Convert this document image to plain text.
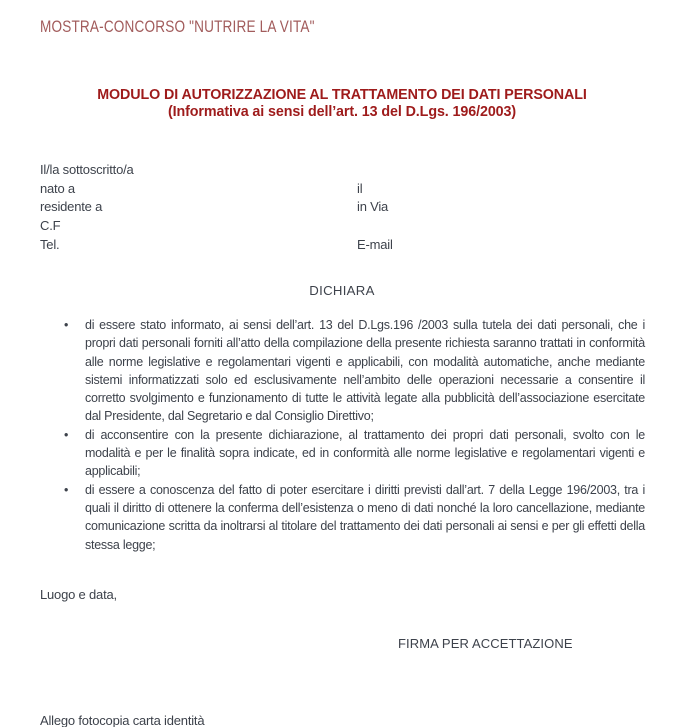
MOSTRA-CONCORSO "NUTRIRE LA VITA"
MODULO DI AUTORIZZAZIONE AL TRATTAMENTO DEI DATI PERSONALI
(Informativa ai sensi dell’art. 13 del D.Lgs. 196/2003)
Il/la sottoscritto/a
nato a	il
residente a	in Via
C.F
Tel.	E-mail
DICHIARA
• di essere stato informato, ai sensi dell’art. 13 del D.Lgs.196 /2003 sulla tutela dei dati personali, che i propri dati personali forniti all’atto della compilazione della presente richiesta saranno trattati in conformità alle norme legislative e regolamentari vigenti e applicabili, con modalità automatiche, anche mediante sistemi informatizzati solo ed esclusivamente nell’ambito delle operazioni necessarie a consentire il corretto svolgimento e funzionamento di tutte le attività legate alla pubblicità dell’associazione esercitate dal Presidente, dal Segretario e dal Consiglio Direttivo;
• di acconsentire con la presente dichiarazione, al trattamento dei propri dati personali, svolto con le modalità e per le finalità sopra indicate, ed in conformità alle norme legislative e regolamentari vigenti e applicabili;
• di essere a conoscenza del fatto di poter esercitare i diritti previsti dall’art. 7 della Legge 196/2003, tra i quali il diritto di ottenere la conferma dell’esistenza o meno di dati nonché la loro cancellazione, mediante comunicazione scritta da inoltrarsi al titolare del trattamento dei dati personali ai sensi e per gli effetti della stessa legge;
Luogo e data,
FIRMA PER ACCETTAZIONE
Allego fotocopia carta identità
